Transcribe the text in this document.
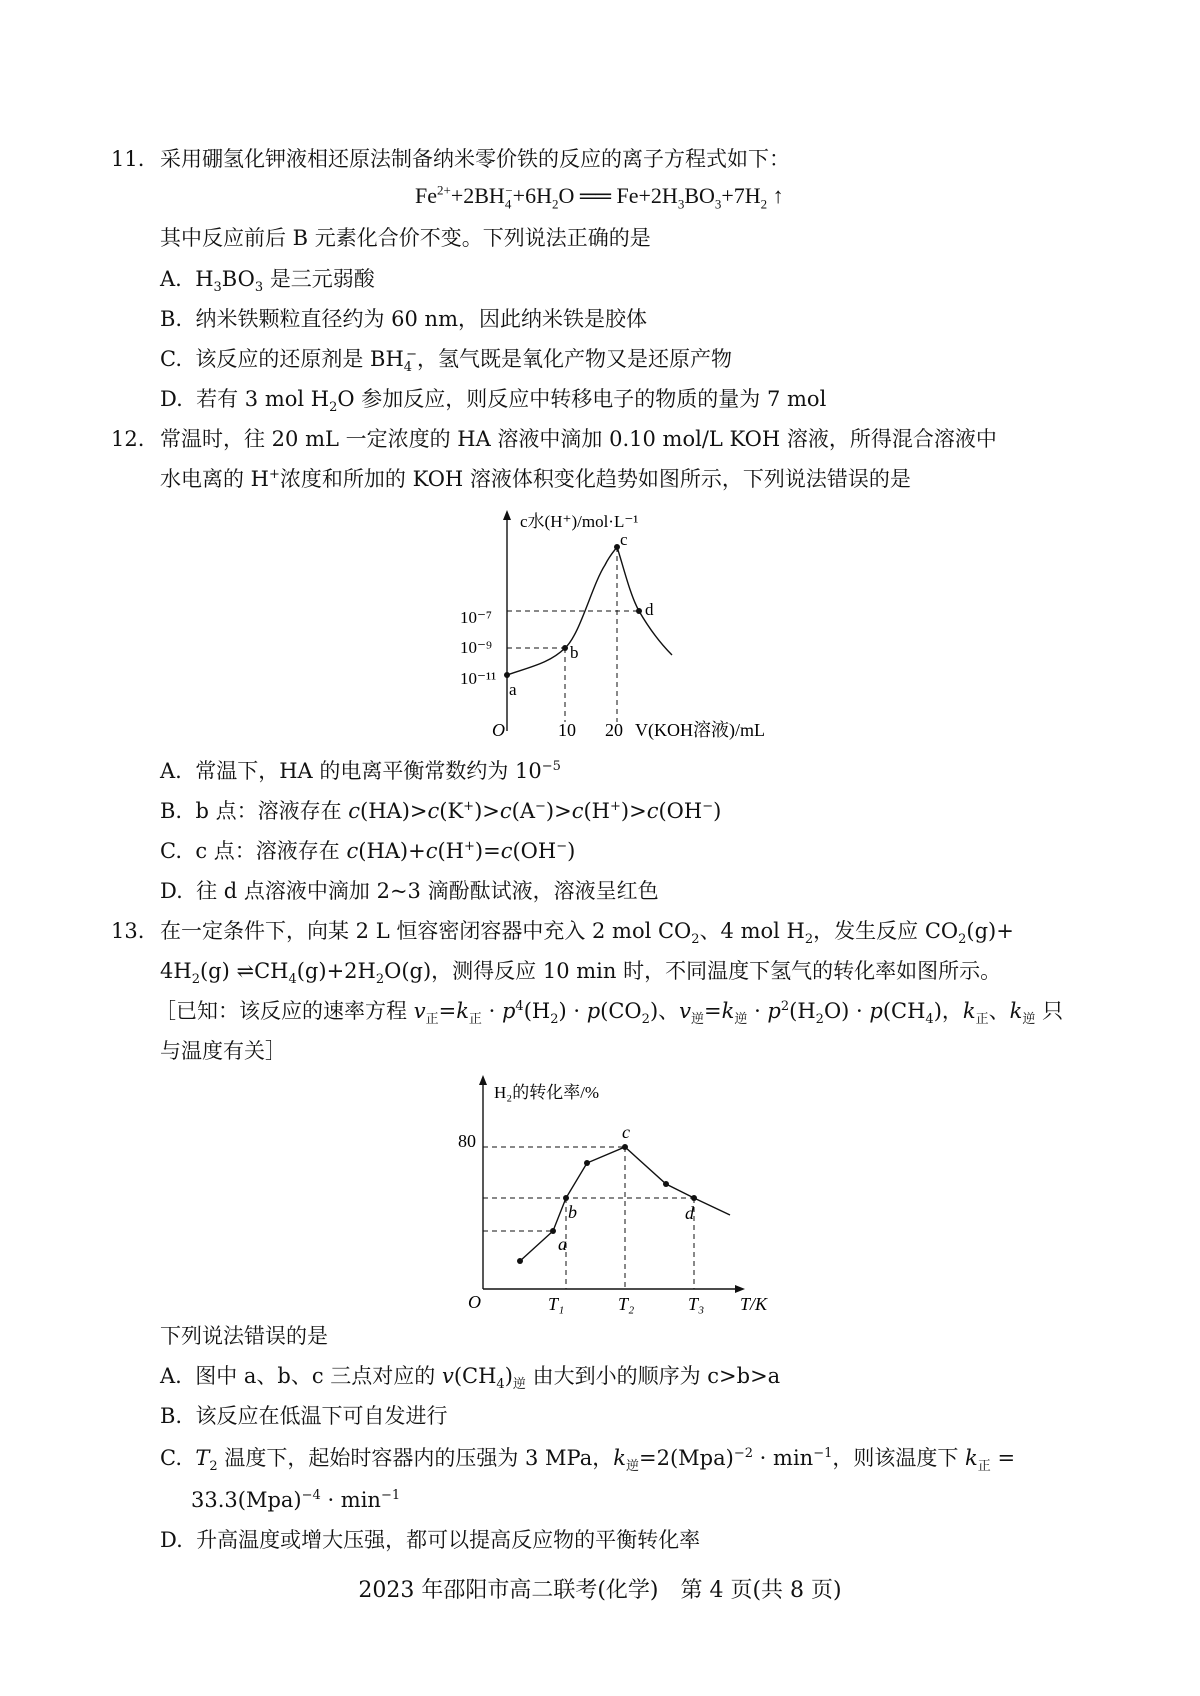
11. 采用硼氢化钾液相还原法制备纳米零价铁的反应的离子方程式如下：
$Fe^{2+}+2BH_4^-+6H_2O$ ══ $Fe+2H_3BO_3+7H_2$ ↑
其中反应前后 B 元素化合价不变。下列说法正确的是
A.  $H_3BO_3$ 是三元弱酸
B. 纳米铁颗粒直径约为 60 nm，因此纳米铁是胶体
C. 该反应的还原剂是 $BH_4^-$，氢气既是氧化产物又是还原产物
D. 若有 3 mol $H_2O$ 参加反应，则反应中转移电子的物质的量为 7 mol
12. 常温时，往 20 mL 一定浓度的 HA 溶液中滴加 0.10 mol/L KOH 溶液，所得混合溶液中
水电离的 H+浓度和所加的 KOH 溶液体积变化趋势如图所示，下列说法错误的是
c水(H⁺)/mol·L⁻¹
O	10 20 V(KOH溶液)/mL
10⁻⁷
10⁻⁹
10⁻¹¹
a
b
c
d
A. 常温下，HA 的电离平衡常数约为 $10^{-5}$
B. b 点：溶液存在 c(HA)>c(K+)>c(A−)>c(H+)>c(OH−)
C. c 点：溶液存在 c(HA)+c(H+)=c(OH−)
D. 往 d 点溶液中滴加 2~3 滴酚酞试液，溶液呈红色
13. 在一定条件下，向某 2 L 恒容密闭容器中充入 2 mol $CO_2$、4 mol $H_2$，发生反应 $CO_2(g)+$
$4H_2(g)$ $\rightleftharpoons CH_4(g)+2H_2O(g)$，测得反应 10 min 时，不同温度下氢气的转化率如图所示。
［已知：该反应的速率方程 $v_正=k_正 \cdot p^4(H_2) \cdot p(CO_2)$、$v_逆=k_逆 \cdot p^2(H_2O) \cdot p(CH_4)$，$k_正$、$k_逆$ 只
与温度有关］
H₂的转化率/%
80
O	T₁	T₂	T₃ T/K
a
b
c
d
下列说法错误的是
A. 图中 a、b、c 三点对应的 $v(CH_4)_逆$ 由大到小的顺序为 c>b>a
B. 该反应在低温下可自发进行
C. $T_2$ 温度下，起始时容器内的压强为 3 MPa，$k_逆=2(Mpa)^{-2} \cdot \min^{-1}$，则该温度下 $k_正$ =
$33.3(Mpa)^{-4} \cdot \min^{-1}$
D. 升高温度或增大压强，都可以提高反应物的平衡转化率
2023 年邵阳市高二联考(化学)　第 4 页(共 8 页)
